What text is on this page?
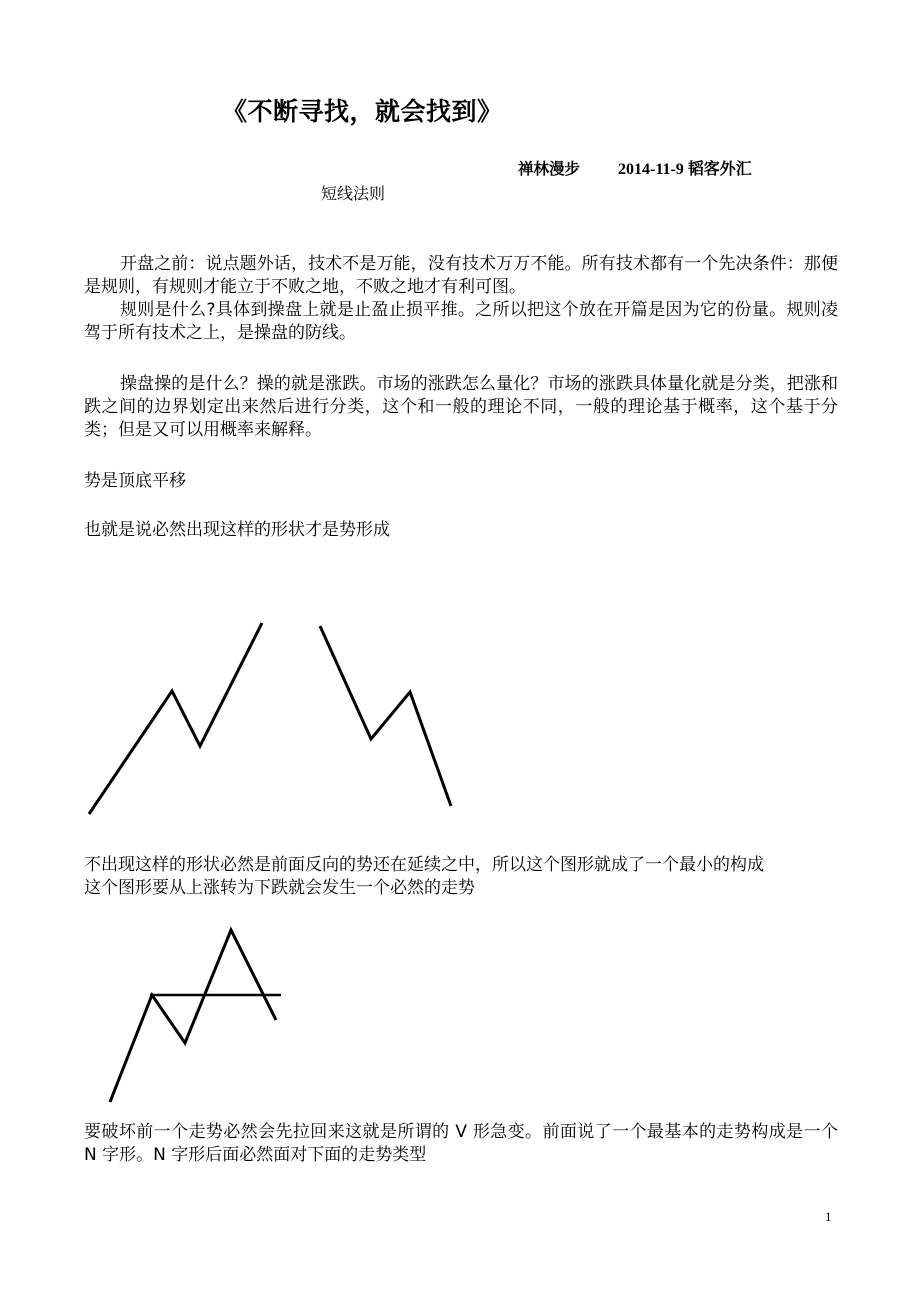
《不断寻找，就会找到》
禅林漫步 2014-11-9 韬客外汇
短线法则
开盘之前：说点题外话，技术不是万能，没有技术万万不能。所有技术都有一个先决条件：那便是规则，有规则才能立于不败之地，不败之地才有利可图。
规则是什么?具体到操盘上就是止盈止损平推。之所以把这个放在开篇是因为它的份量。规则凌驾于所有技术之上，是操盘的防线。
操盘操的是什么？操的就是涨跌。市场的涨跌怎么量化？市场的涨跌具体量化就是分类，把涨和跌之间的边界划定出来然后进行分类，这个和一般的理论不同，一般的理论基于概率，这个基于分类；但是又可以用概率来解释。
势是顶底平移
也就是说必然出现这样的形状才是势形成
不出现这样的形状必然是前面反向的势还在延续之中，所以这个图形就成了一个最小的构成
这个图形要从上涨转为下跌就会发生一个必然的走势
要破坏前一个走势必然会先拉回来这就是所谓的 V 形急变。前面说了一个最基本的走势构成是一个 N 字形。N 字形后面必然面对下面的走势类型
1
